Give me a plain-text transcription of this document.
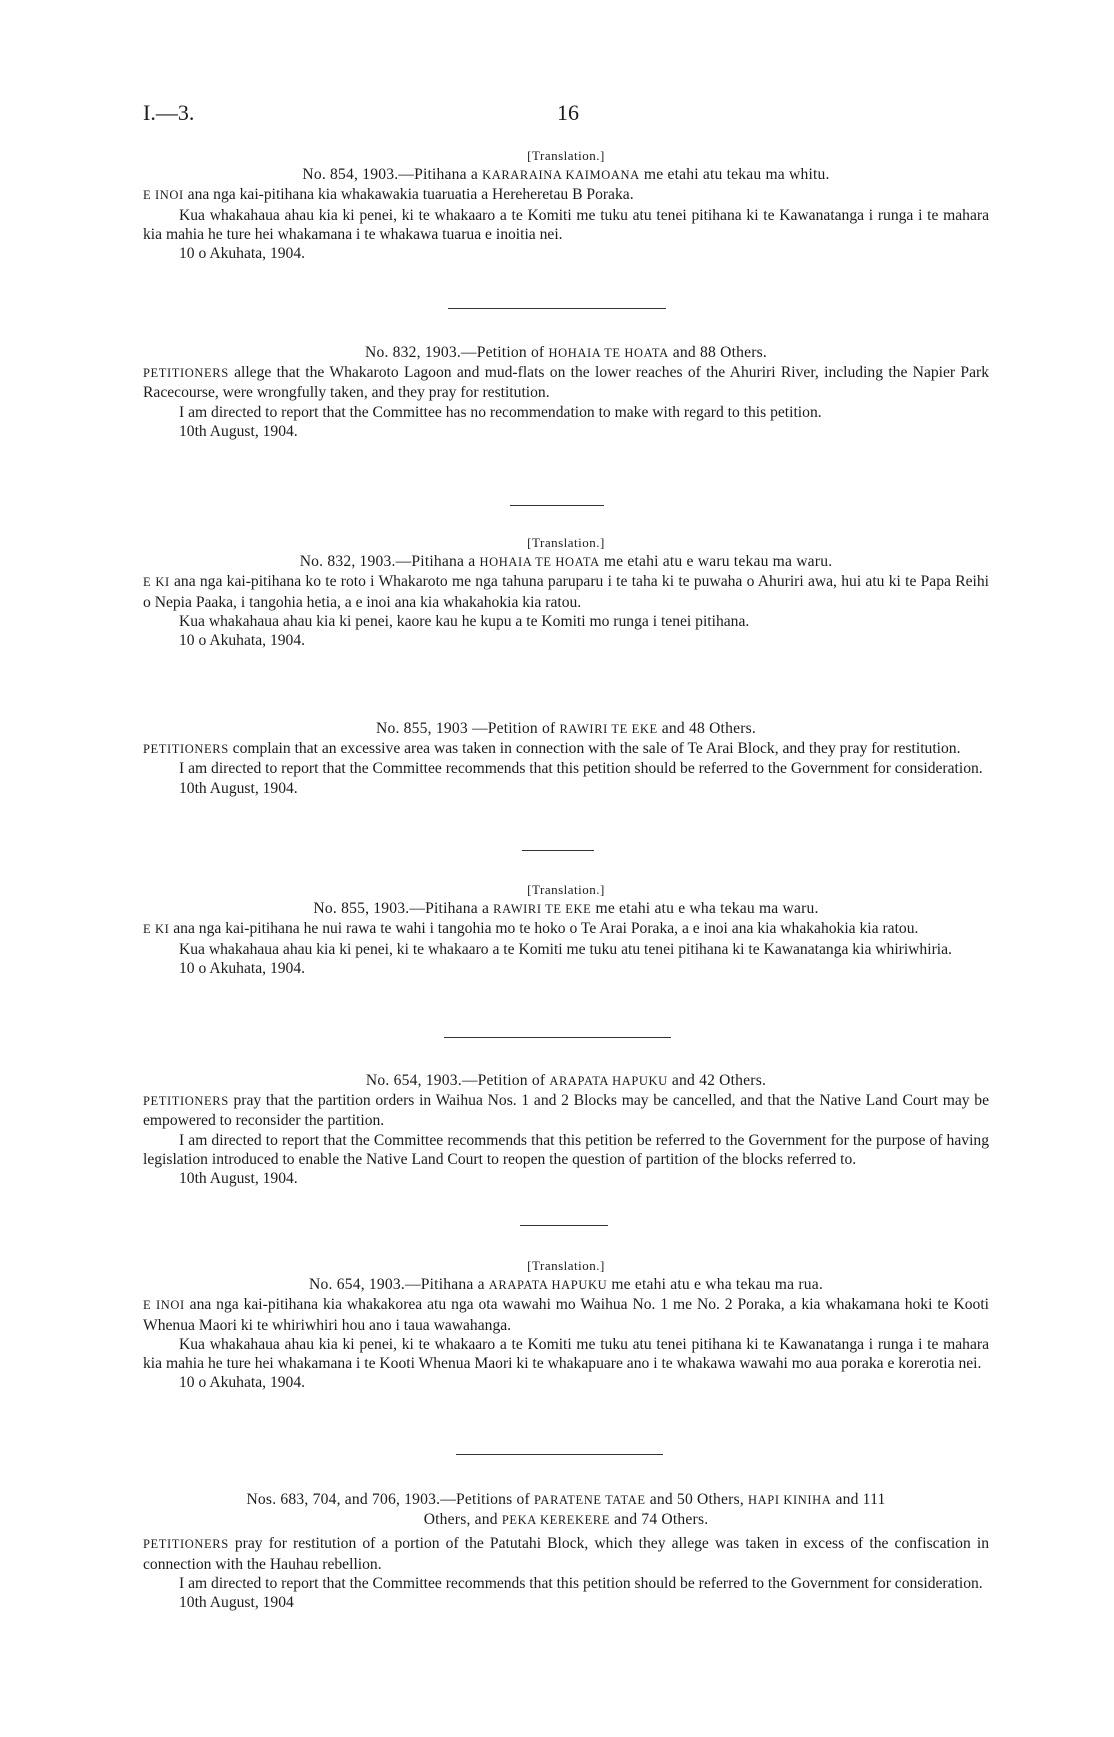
I.—3.	16
[Translation.]
No. 854, 1903.—Pitihana a KARARAINA KAIMOANA me etahi atu tekau ma whitu.

E INOI ana nga kai-pitihana kia whakawakia tuaruatia a Hereheretau B Poraka.

Kua whakahaua ahau kia ki penei, ki te whakaaro a te Komiti me tuku atu tenei pitihana ki te Kawanatanga i runga i te mahara kia mahia he ture hei whakamana i te whakawa tuarua e inoitia nei.

10 o Akuhata, 1904.
No. 832, 1903.—Petition of HOHAIA TE HOATA and 88 Others.

PETITIONERS allege that the Whakaroto Lagoon and mud-flats on the lower reaches of the Ahuriri River, including the Napier Park Racecourse, were wrongfully taken, and they pray for restitution.

I am directed to report that the Committee has no recommendation to make with regard to this petition.

10th August, 1904.
[Translation.]
No. 832, 1903.—Pitihana a HOHAIA TE HOATA me etahi atu e waru tekau ma waru.

E KI ana nga kai-pitihana ko te roto i Whakaroto me nga tahuna paruparu i te taha ki te puwaha o Ahuriri awa, hui atu ki te Papa Reihi o Nepia Paaka, i tangohia hetia, a e inoi ana kia whakahokia kia ratou.

Kua whakahaua ahau kia ki penei, kaore kau he kupu a te Komiti mo runga i tenei pitihana.

10 o Akuhata, 1904.
No. 855, 1903 —Petition of RAWIRI TE EKE and 48 Others.

PETITIONERS complain that an excessive area was taken in connection with the sale of Te Arai Block, and they pray for restitution.

I am directed to report that the Committee recommends that this petition should be referred to the Government for consideration.

10th August, 1904.
[Translation.]
No. 855, 1903.—Pitihana a RAWIRI TE EKE me etahi atu e wha tekau ma waru.

E KI ana nga kai-pitihana he nui rawa te wahi i tangohia mo te hoko o Te Arai Poraka, a e inoi ana kia whakahokia kia ratou.

Kua whakahaua ahau kia ki penei, ki te whakaaro a te Komiti me tuku atu tenei pitihana ki te Kawanatanga kia whiriwhiria.

10 o Akuhata, 1904.
No. 654, 1903.—Petition of ARAPATA HAPUKU and 42 Others.

PETITIONERS pray that the partition orders in Waihua Nos. 1 and 2 Blocks may be cancelled, and that the Native Land Court may be empowered to reconsider the partition.

I am directed to report that the Committee recommends that this petition be referred to the Government for the purpose of having legislation introduced to enable the Native Land Court to reopen the question of partition of the blocks referred to.

10th August, 1904.
[Translation.]
No. 654, 1903.—Pitihana a ARAPATA HAPUKU me etahi atu e wha tekau ma rua.

E INOI ana nga kai-pitihana kia whakakorea atu nga ota wawahi mo Waihua No. 1 me No. 2 Poraka, a kia whakamana hoki te Kooti Whenua Maori ki te whiriwhiri hou ano i taua wawahanga.

Kua whakahaua ahau kia ki penei, ki te whakaaro a te Komiti me tuku atu tenei pitihana ki te Kawanatanga i runga i te mahara kia mahia he ture hei whakamana i te Kooti Whenua Maori ki te whakapuare ano i te whakawa wawahi mo aua poraka e korerotia nei.

10 o Akuhata, 1904.
Nos. 683, 704, and 706, 1903.—Petitions of PARATENE TATAE and 50 Others, HAPI KINIHA and 111 Others, and PEKA KEREKERE and 74 Others.

PETITIONERS pray for restitution of a portion of the Patutahi Block, which they allege was taken in excess of the confiscation in connection with the Hauhau rebellion.

I am directed to report that the Committee recommends that this petition should be referred to the Government for consideration.

10th August, 1904
